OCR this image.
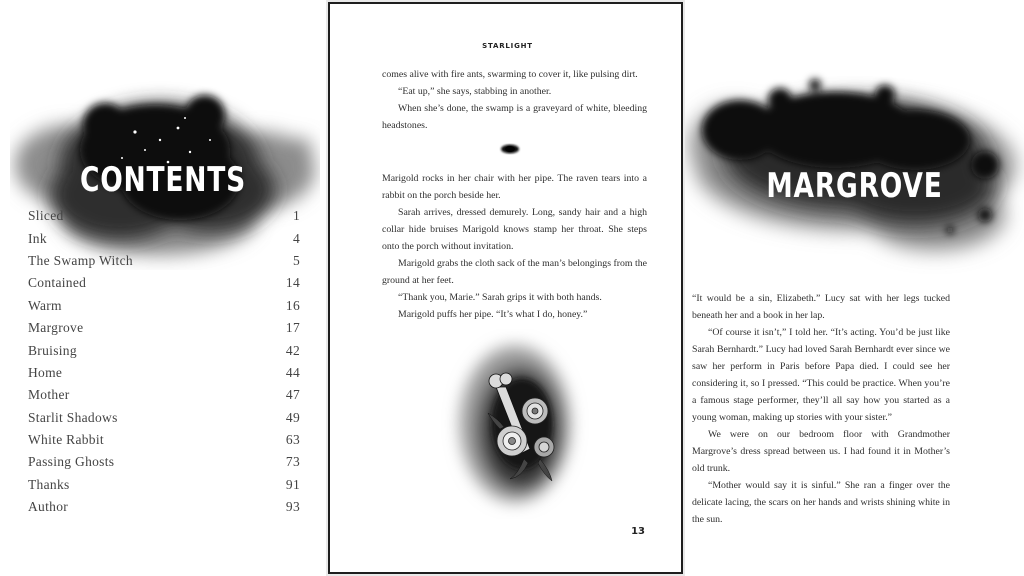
CONTENTS
Sliced	1
Ink	4
The Swamp Witch	5
Contained	14
Warm	16
Margrove	17
Bruising	42
Home	44
Mother	47
Starlit Shadows	49
White Rabbit	63
Passing Ghosts	73
Thanks	91
Author	93
STARLIGHT

comes alive with fire ants, swarming to cover it, like pulsing dirt.

“Eat up,” she says, stabbing in another.

When she’s done, the swamp is a graveyard of white, bleeding headstones.

Marigold rocks in her chair with her pipe. The raven tears into a rabbit on the porch beside her.

Sarah arrives, dressed demurely. Long, sandy hair and a high collar hide bruises Marigold knows stamp her throat. She steps onto the porch without invitation.

Marigold grabs the cloth sack of the man’s belongings from the ground at her feet.

“Thank you, Marie.” Sarah grips it with both hands.

Marigold puffs her pipe. “It’s what I do, honey.”

13
MARGROVE

“It would be a sin, Elizabeth.” Lucy sat with her legs tucked beneath her and a book in her lap.

“Of course it isn’t,” I told her. “It’s acting. You’d be just like Sarah Bernhardt.” Lucy had loved Sarah Bernhardt ever since we saw her perform in Paris before Papa died. I could see her considering it, so I pressed. “This could be practice. When you’re a famous stage performer, they’ll all say how you started as a young woman, making up stories with your sister.”

We were on our bedroom floor with Grandmother Margrove’s dress spread between us. I had found it in Mother’s old trunk.

“Mother would say it is sinful.” She ran a finger over the delicate lacing, the scars on her hands and wrists shining white in the sun.
